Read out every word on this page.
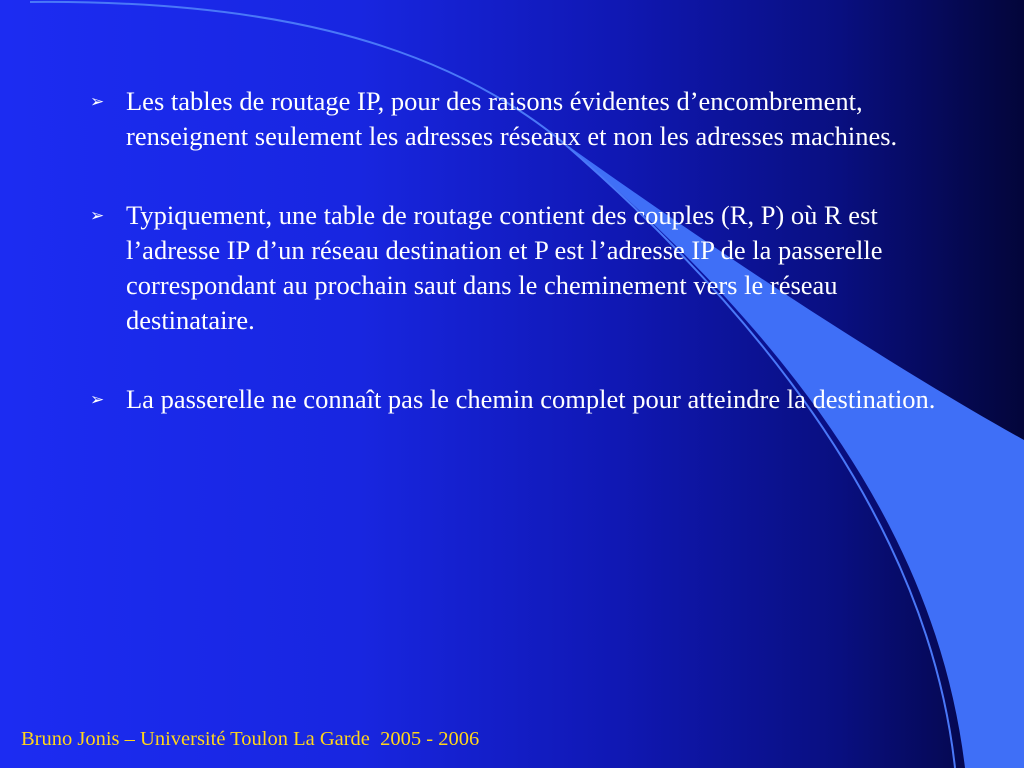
➢ Les tables de routage IP, pour des raisons évidentes d’encombrement, renseignent seulement les adresses réseaux et non les adresses machines.
➢ Typiquement, une table de routage contient des couples (R, P) où R est l’adresse IP d’un réseau destination et P est l’adresse IP de la passerelle correspondant au prochain saut dans le cheminement vers le réseau destinataire.
➢ La passerelle ne connaît pas le chemin complet pour atteindre la destination.
Bruno Jonis – Université Toulon La Garde  2005 - 2006
